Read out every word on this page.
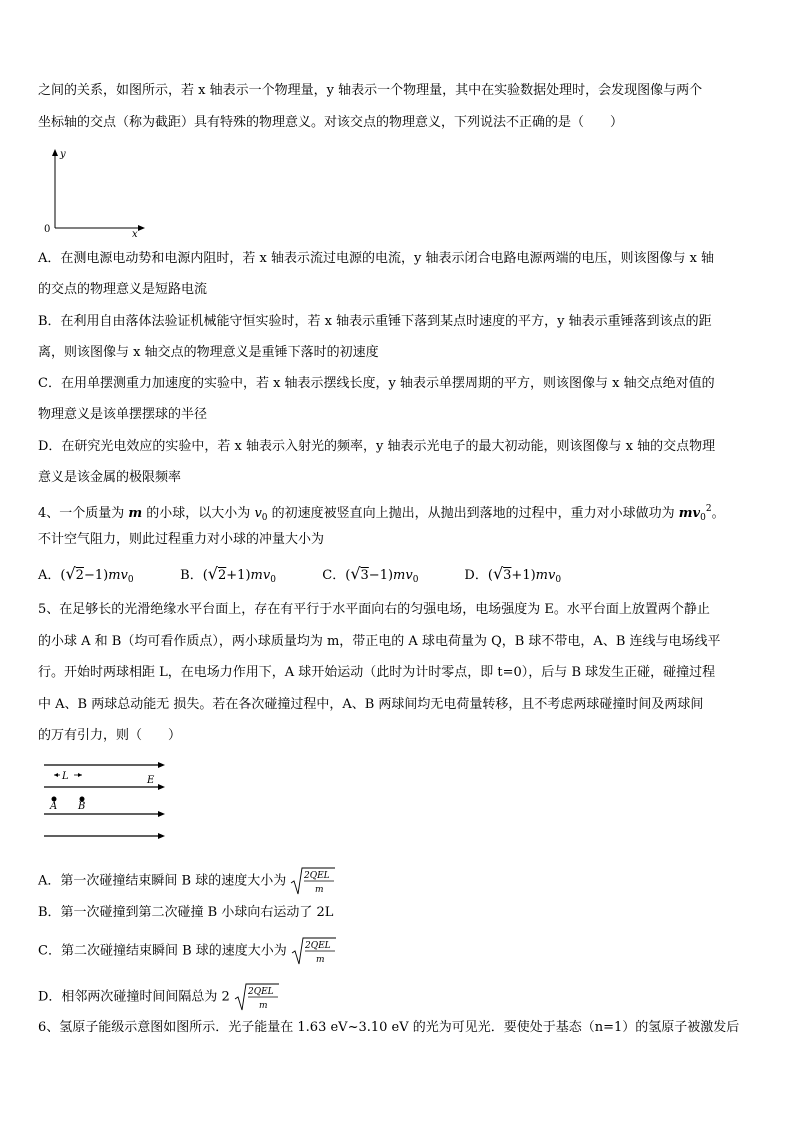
之间的关系，如图所示，若 x 轴表示一个物理量，y 轴表示一个物理量，其中在实验数据处理时，会发现图像与两个
坐标轴的交点（称为截距）具有特殊的物理意义。对该交点的物理意义，下列说法不正确的是（　　）
y
x
0
A．在测电源电动势和电源内阻时，若 x 轴表示流过电源的电流，y 轴表示闭合电路电源两端的电压，则该图像与 x 轴
的交点的物理意义是短路电流
B．在利用自由落体法验证机械能守恒实验时，若 x 轴表示重锤下落到某点时速度的平方，y 轴表示重锤落到该点的距
离，则该图像与 x 轴交点的物理意义是重锤下落时的初速度
C．在用单摆测重力加速度的实验中，若 x 轴表示摆线长度，y 轴表示单摆周期的平方，则该图像与 x 轴交点绝对值的
物理意义是该单摆摆球的半径
D．在研究光电效应的实验中，若 x 轴表示入射光的频率，y 轴表示光电子的最大初动能，则该图像与 x 轴的交点物理
意义是该金属的极限频率
4、一个质量为 m 的小球，以大小为 $v_0$ 的初速度被竖直向上抛出，从抛出到落地的过程中，重力对小球做功为 $mv_0^2$。
不计空气阻力，则此过程重力对小球的冲量大小为
A．$(√2-1)mv_0$	B．$(√2+1)mv_0$	C．$(√3-1)mv_0$	D．$(√3+1)mv_0$
5、在足够长的光滑绝缘水平台面上，存在有平行于水平面向右的匀强电场，电场强度为 E。水平台面上放置两个静止
的小球 A 和 B（均可看作质点），两小球质量均为 m，带正电的 A 球电荷量为 Q，B 球不带电，A、B 连线与电场线平
行。开始时两球相距 L，在电场力作用下，A 球开始运动（此时为计时零点，即 t=0），后与 B 球发生正碰，碰撞过程
中 A、B 两球总动能无 损失。若在各次碰撞过程中，A、B 两球间均无电荷量转移，且不考虑两球碰撞时间及两球间
的万有引力，则（　　）
L	E
A B
A．第一次碰撞结束瞬间 B 球的速度大小为 2QEL
m
B．第一次碰撞到第二次碰撞 B 小球向右运动了 2L
C．第二次碰撞结束瞬间 B 球的速度大小为 2QEL
m
D．相邻两次碰撞时间间隔总为 2 2QEL
m
6、氢原子能级示意图如图所示．光子能量在 1.63 eV~3.10 eV 的光为可见光．要使处于基态（n=1）的氢原子被激发后
